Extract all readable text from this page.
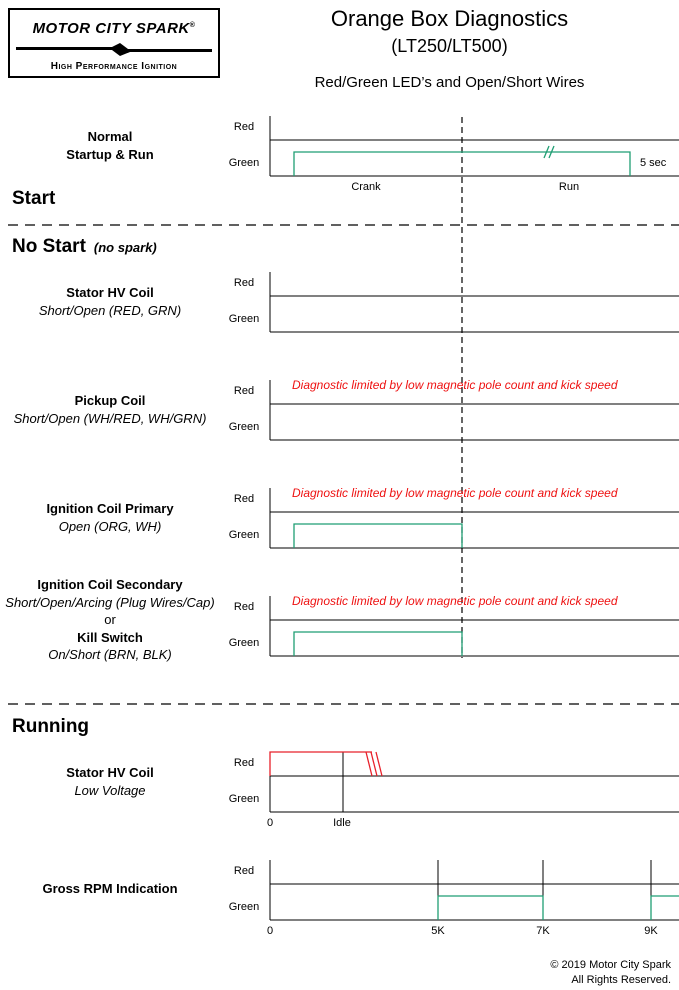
MOTOR CITY SPARK®
High Performance Ignition
Orange Box Diagnostics
(LT250/LT500)
Red/Green LED’s and Open/Short Wires
Normal
Startup & Run
Red
Green
Crank	Run
5 sec
Start
No Start (no spark)
Stator HV Coil
Short/Open (RED, GRN)
Red
Green
Pickup Coil
Short/Open (WH/RED, WH/GRN)
Red
Green
Diagnostic limited by low magnetic pole count and kick speed
Ignition Coil Primary
Open (ORG, WH)
Red
Green
Diagnostic limited by low magnetic pole count and kick speed
Ignition Coil Secondary
Short/Open/Arcing (Plug Wires/Cap)
or
Kill Switch
On/Short (BRN, BLK)
Red
Green
Diagnostic limited by low magnetic pole count and kick speed
Running
Stator HV Coil
Low Voltage
Red
Green
0	Idle
Gross RPM Indication
Red
Green
0	5K	7K	9K
© 2019 Motor City Spark
All Rights Reserved.
